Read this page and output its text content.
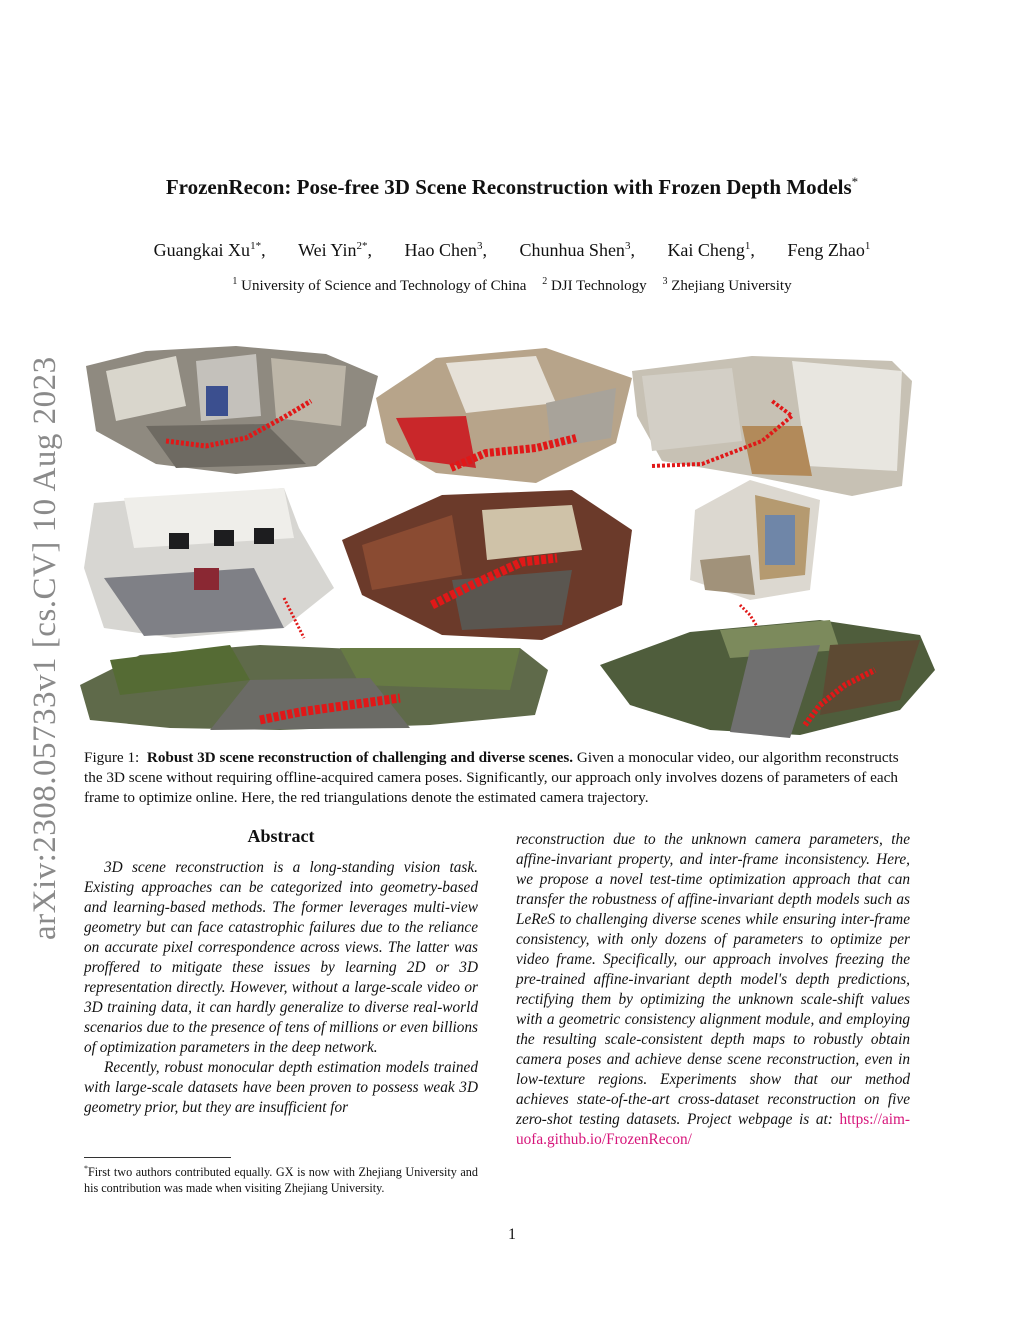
arXiv:2308.05733v1 [cs.CV] 10 Aug 2023
FrozenRecon: Pose-free 3D Scene Reconstruction with Frozen Depth Models*
Guangkai $Xu^{1*}$, Wei Yin$^{2*}$, Hao Chen$^3$, Chunhua Shen$^3$, Kai Cheng$^1$, Feng Zhao$^1$
$^1$ University of Science and Technology of China $^2$ DJI Technology $^3$ Zhejiang University
Figure 1: Robust 3D scene reconstruction of challenging and diverse scenes. Given a monocular video, our algorithm reconstructs the 3D scene without requiring offline-acquired camera poses. Significantly, our approach only involves dozens of parameters of each frame to optimize online. Here, the red triangulations denote the estimated camera trajectory.
Abstract

3D scene reconstruction is a long-standing vision task. Existing approaches can be categorized into geometry-based and learning-based methods. The former leverages multi-view geometry but can face catastrophic failures due to the reliance on accurate pixel correspondence across views. The latter was proffered to mitigate these issues by learning 2D or 3D representation directly. However, without a large-scale video or 3D training data, it can hardly generalize to diverse real-world scenarios due to the presence of tens of millions or even billions of optimization parameters in the deep network.

Recently, robust monocular depth estimation models trained with large-scale datasets have been proven to possess weak 3D geometry prior, but they are insufficient for

reconstruction due to the unknown camera parameters, the affine-invariant property, and inter-frame inconsistency. Here, we propose a novel test-time optimization approach that can transfer the robustness of affine-invariant depth models such as LeReS to challenging diverse scenes while ensuring inter-frame consistency, with only dozens of parameters to optimize per video frame. Specifically, our approach involves freezing the pre-trained affine-invariant depth model's depth predictions, rectifying them by optimizing the unknown scale-shift values with a geometric consistency alignment module, and employing the resulting scale-consistent depth maps to robustly obtain camera poses and achieve dense scene reconstruction, even in low-texture regions. Experiments show that our method achieves state-of-the-art cross-dataset reconstruction on five zero-shot testing datasets. Project webpage is at: https://aim-uofa.github.io/FrozenRecon/

*First two authors contributed equally. GX is now with Zhejiang University and his contribution was made when visiting Zhejiang University.
1
